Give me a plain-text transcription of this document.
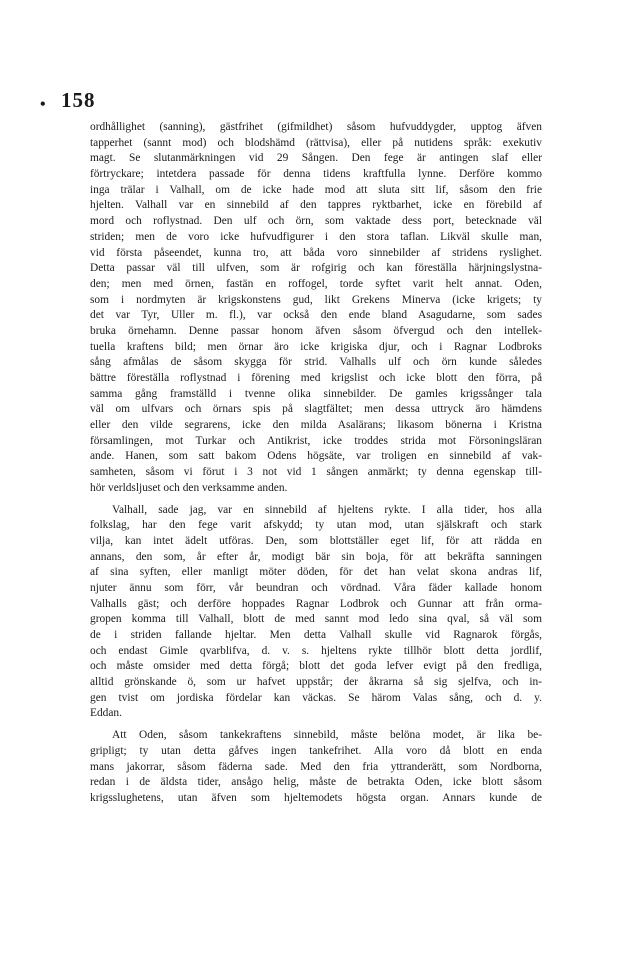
• 158
ordhållighet (sanning), gästfrihet (gifmildhet) såsom hufvuddygder, upptog äfven
tapperhet (sannt mod) och blodshämd (rättvisa), eller på nutidens språk: exekutiv
magt. Se slutanmärkningen vid 29 Sången. Den fege är antingen slaf eller
förtryckare; intetdera passade för denna tidens kraftfulla lynne. Derföre kommo
inga trälar i Valhall, om de icke hade mod att sluta sitt lif, såsom den frie
hjelten. Valhall var en sinnebild af den tappres ryktbarhet, icke en förebild af
mord och roflystnad. Den ulf och örn, som vaktade dess port, betecknade väl
striden; men de voro icke hufvudfigurer i den stora taflan. Likväl skulle man,
vid första påseendet, kunna tro, att båda voro sinnebilder af stridens ryslighet.
Detta passar väl till ulfven, som är rofgirig och kan föreställa härjningslystna-
den; men med örnen, fastän en roffogel, torde syftet varit helt annat. Oden,
som i nordmyten är krigskonstens gud, likt Grekens Minerva (icke krigets; ty
det var Tyr, Uller m. fl.), var också den ende bland Asagudarne, som sades
bruka örnehamn. Denne passar honom äfven såsom öfvergud och den intellek-
tuella kraftens bild; men örnar äro icke krigiska djur, och i Ragnar Lodbroks
sång afmålas de såsom skygga för strid. Valhalls ulf och örn kunde således
bättre föreställa roflystnad i förening med krigslist och icke blott den förra, på
samma gång framställd i tvenne olika sinnebilder. De gamles krigssånger tala
väl om ulfvars och örnars spis på slagtfältet; men dessa uttryck äro hämdens
eller den vilde segrarens, icke den milda Asalärans; likasom bönerna i Kristna
församlingen, mot Turkar och Antikrist, icke troddes strida mot Försoningsläran
ande. Hanen, som satt bakom Odens högsäte, var troligen en sinnebild af vak-
samheten, såsom vi förut i 3 not vid 1 sången anmärkt; ty denna egenskap till-
hör verldsljuset och den verksamme anden.
Valhall, sade jag, var en sinnebild af hjeltens rykte. I alla tider, hos alla
folkslag, har den fege varit afskydd; ty utan mod, utan själskraft och stark
vilja, kan intet ädelt utföras. Den, som blottställer eget lif, för att rädda en
annans, den som, år efter år, modigt bär sin boja, för att bekräfta sanningen
af sina syften, eller manligt möter döden, för det han velat skona andras lif,
njuter ännu som förr, vår beundran och vördnad. Våra fäder kallade honom
Valhalls gäst; och derföre hoppades Ragnar Lodbrok och Gunnar att från orma-
gropen komma till Valhall, blott de med sannt mod ledo sina qval, så väl som
de i striden fallande hjeltar. Men detta Valhall skulle vid Ragnarok förgås,
och endast Gimle qvarblifva, d. v. s. hjeltens rykte tillhör blott detta jordlif,
och måste omsider med detta förgå; blott det goda lefver evigt på den fredliga,
alltid grönskande ö, som ur hafvet uppstår; der åkrarna så sig sjelfva, och in-
gen tvist om jordiska fördelar kan väckas. Se härom Valas sång, och d. y.
Eddan.
Att Oden, såsom tankekraftens sinnebild, måste belöna modet, är lika be-
gripligt; ty utan detta gåfves ingen tankefrihet. Alla voro då blott en enda
mans jakorrar, såsom fäderna sade. Med den fria yttranderätt, som Nordborna,
redan i de äldsta tider, ansågo helig, måste de betrakta Oden, icke blott såsom
krigsslughetens, utan äfven som hjeltemodets högsta organ. Annars kunde de
